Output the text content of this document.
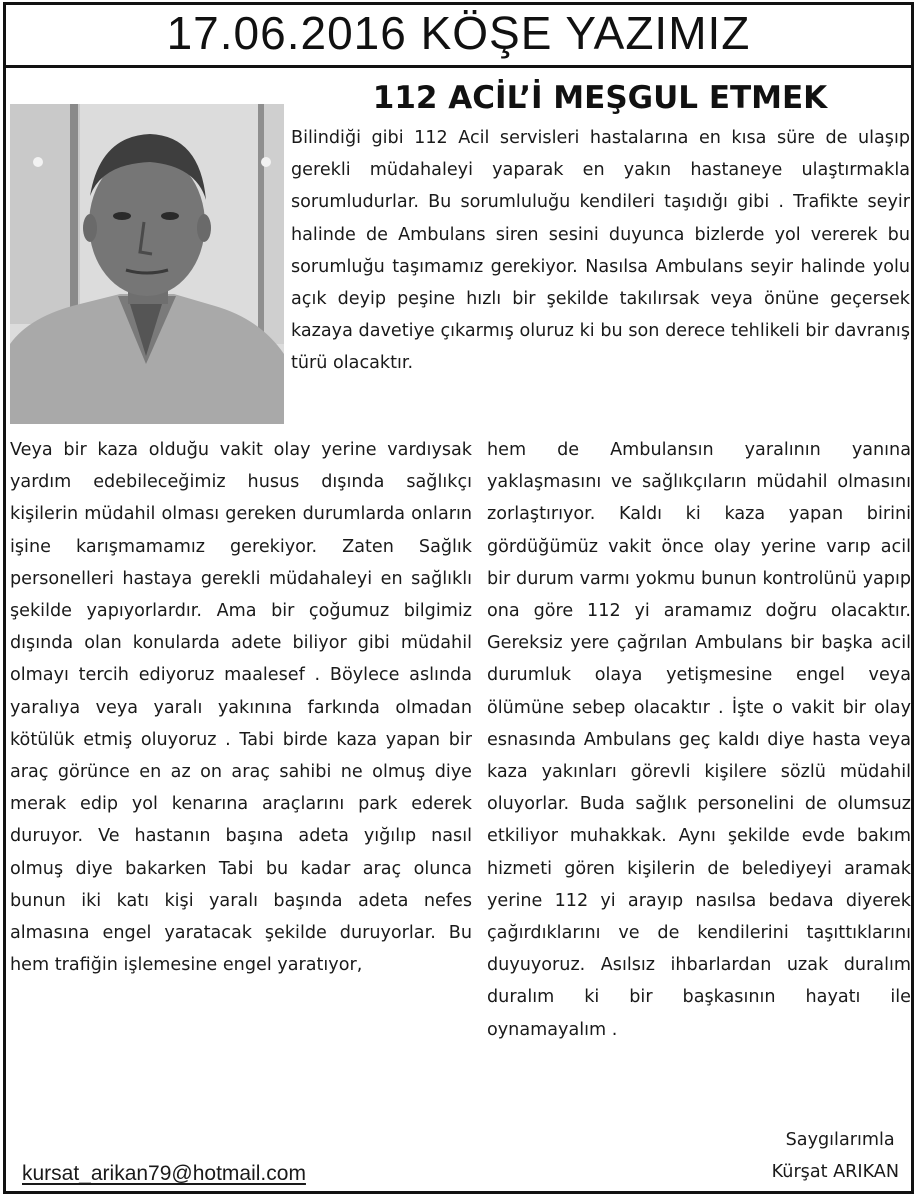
17.06.2016 KÖŞE YAZIMIZ
112 ACİL’İ MEŞGUL ETMEK

Bilindiği gibi 112 Acil servisleri hastalarına en kısa süre de ulaşıp gerekli müdahaleyi yaparak en yakın hastaneye ulaştırmakla sorumludurlar. Bu sorumluluğu kendileri taşıdığı gibi . Trafikte seyir halinde de Ambulans siren sesini duyunca bizlerde yol vererek bu sorumluğu taşımamız gerekiyor. Nasılsa Ambulans seyir halinde yolu açık deyip peşine hızlı bir şekilde takılırsak veya önüne geçersek kazaya davetiye çıkarmış oluruz ki bu son derece tehlikeli bir davranış türü olacaktır.

Veya bir kaza olduğu vakit olay yerine vardıysak yardım edebileceğimiz husus dışında sağlıkçı kişilerin müdahil olması gereken durumlarda onların işine karışmamamız gerekiyor. Zaten Sağlık personelleri hastaya gerekli müdahaleyi en sağlıklı şekilde yapıyorlardır. Ama bir çoğumuz bilgimiz dışında olan konularda adete biliyor gibi müdahil olmayı tercih ediyoruz maalesef . Böylece aslında yaralıya veya yaralı yakınına farkında olmadan kötülük etmiş oluyoruz . Tabi birde kaza yapan bir araç görünce en az on araç sahibi ne olmuş diye merak edip yol kenarına araçlarını park ederek duruyor. Ve hastanın başına adeta yığılıp nasıl olmuş diye bakarken Tabi bu kadar araç olunca bunun iki katı kişi yaralı başında adeta nefes almasına engel yaratacak şekilde duruyorlar. Bu hem trafiğin işlemesine engel yaratıyor,

hem de Ambulansın yaralının yanına yaklaşmasını ve sağlıkçıların müdahil olmasını zorlaştırıyor. Kaldı ki kaza yapan birini gördüğümüz vakit önce olay yerine varıp acil bir durum varmı yokmu bunun kontrolünü yapıp ona göre 112 yi aramamız doğru olacaktır. Gereksiz yere çağrılan Ambulans bir başka acil durumluk olaya yetişmesine engel veya ölümüne sebep olacaktır . İşte o vakit bir olay esnasında Ambulans geç kaldı diye hasta veya kaza yakınları görevli kişilere sözlü müdahil oluyorlar. Buda sağlık personelini de olumsuz etkiliyor muhakkak. Aynı şekilde evde bakım hizmeti gören kişilerin de belediyeyi aramak yerine 112 yi arayıp nasılsa bedava diyerek çağırdıklarını ve de kendilerini taşıttıklarını duyuyoruz. Asılsız ihbarlardan uzak duralım duralım ki bir başkasının hayatı ile oynamayalım .

Saygılarımla
Kürşat ARIKAN
kursat_arikan79@hotmail.com
